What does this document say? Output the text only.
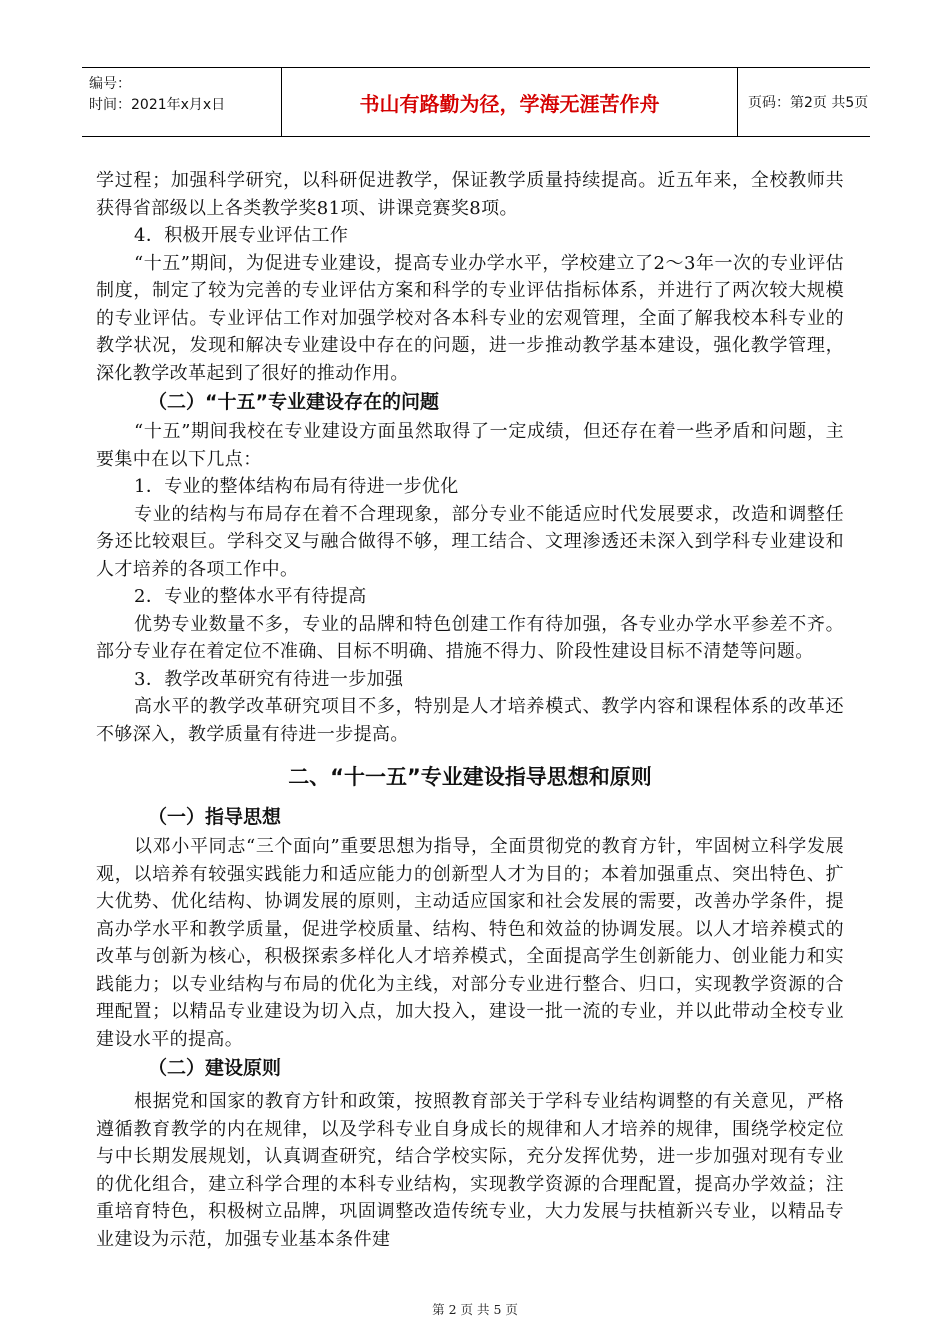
编号：
时间：2021年x月x日	书山有路勤为径，学海无涯苦作舟	页码：第2页 共5页

学过程；加强科学研究，以科研促进教学，保证教学质量持续提高。近五年来，全校教师共获得省部级以上各类教学奖81项、讲课竞赛奖8项。

4．积极开展专业评估工作

“十五”期间，为促进专业建设，提高专业办学水平，学校建立了2～3年一次的专业评估制度，制定了较为完善的专业评估方案和科学的专业评估指标体系，并进行了两次较大规模的专业评估。专业评估工作对加强学校对各本科专业的宏观管理，全面了解我校本科专业的教学状况，发现和解决专业建设中存在的问题，进一步推动教学基本建设，强化教学管理，深化教学改革起到了很好的推动作用。

（二）“十五”专业建设存在的问题

“十五”期间我校在专业建设方面虽然取得了一定成绩，但还存在着一些矛盾和问题，主要集中在以下几点：

1．专业的整体结构布局有待进一步优化

专业的结构与布局存在着不合理现象，部分专业不能适应时代发展要求，改造和调整任务还比较艰巨。学科交叉与融合做得不够，理工结合、文理渗透还未深入到学科专业建设和人才培养的各项工作中。

2．专业的整体水平有待提高

优势专业数量不多，专业的品牌和特色创建工作有待加强，各专业办学水平参差不齐。部分专业存在着定位不准确、目标不明确、措施不得力、阶段性建设目标不清楚等问题。

3．教学改革研究有待进一步加强

高水平的教学改革研究项目不多，特别是人才培养模式、教学内容和课程体系的改革还不够深入，教学质量有待进一步提高。

二、“十一五”专业建设指导思想和原则
（一）指导思想

以邓小平同志“三个面向”重要思想为指导，全面贯彻党的教育方针，牢固树立科学发展观，以培养有较强实践能力和适应能力的创新型人才为目的；本着加强重点、突出特色、扩大优势、优化结构、协调发展的原则，主动适应国家和社会发展的需要，改善办学条件，提高办学水平和教学质量，促进学校质量、结构、特色和效益的协调发展。以人才培养模式的改革与创新为核心，积极探索多样化人才培养模式，全面提高学生创新能力、创业能力和实践能力；以专业结构与布局的优化为主线，对部分专业进行整合、归口，实现教学资源的合理配置；以精品专业建设为切入点，加大投入，建设一批一流的专业，并以此带动全校专业建设水平的提高。

（二）建设原则

根据党和国家的教育方针和政策，按照教育部关于学科专业结构调整的有关意见，严格遵循教育教学的内在规律，以及学科专业自身成长的规律和人才培养的规律，围绕学校定位与中长期发展规划，认真调查研究，结合学校实际，充分发挥优势，进一步加强对现有专业的优化组合，建立科学合理的本科专业结构，实现教学资源的合理配置，提高办学效益；注重培育特色，积极树立品牌，巩固调整改造传统专业，大力发展与扶植新兴专业，以精品专业建设为示范，加强专业基本条件建

第 2 页 共 5 页
